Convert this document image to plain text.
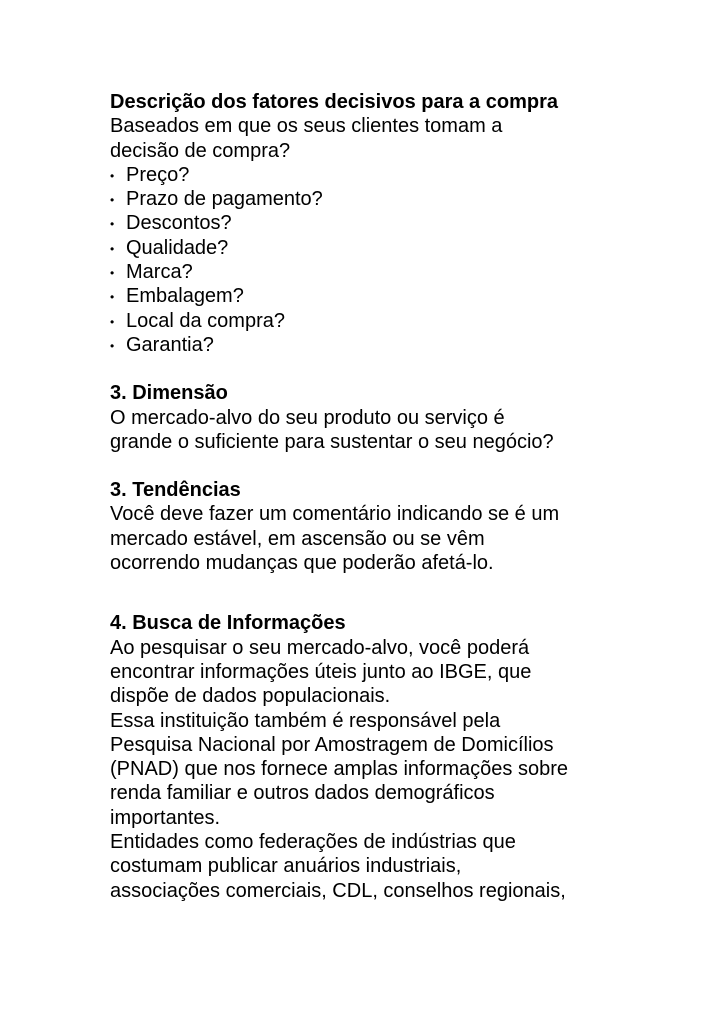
Descrição dos fatores decisivos para a compra
Baseados em que os seus clientes tomam a
decisão de compra?
• Preço?
• Prazo de pagamento?
• Descontos?
• Qualidade?
• Marca?
• Embalagem?
• Local da compra?
• Garantia?
3. Dimensão
O mercado-alvo do seu produto ou serviço é
grande o suficiente para sustentar o seu negócio?
3. Tendências
Você deve fazer um comentário indicando se é um
mercado estável, em ascensão ou se vêm
ocorrendo mudanças que poderão afetá-lo.
4. Busca de Informações
Ao pesquisar o seu mercado-alvo, você poderá
encontrar informações úteis junto ao IBGE, que
dispõe de dados populacionais.
Essa instituição também é responsável pela
Pesquisa Nacional por Amostragem de Domicílios
(PNAD) que nos fornece amplas informações sobre
renda familiar e outros dados demográficos
importantes.
Entidades como federações de indústrias que
costumam publicar anuários industriais,
associações comerciais, CDL, conselhos regionais,
